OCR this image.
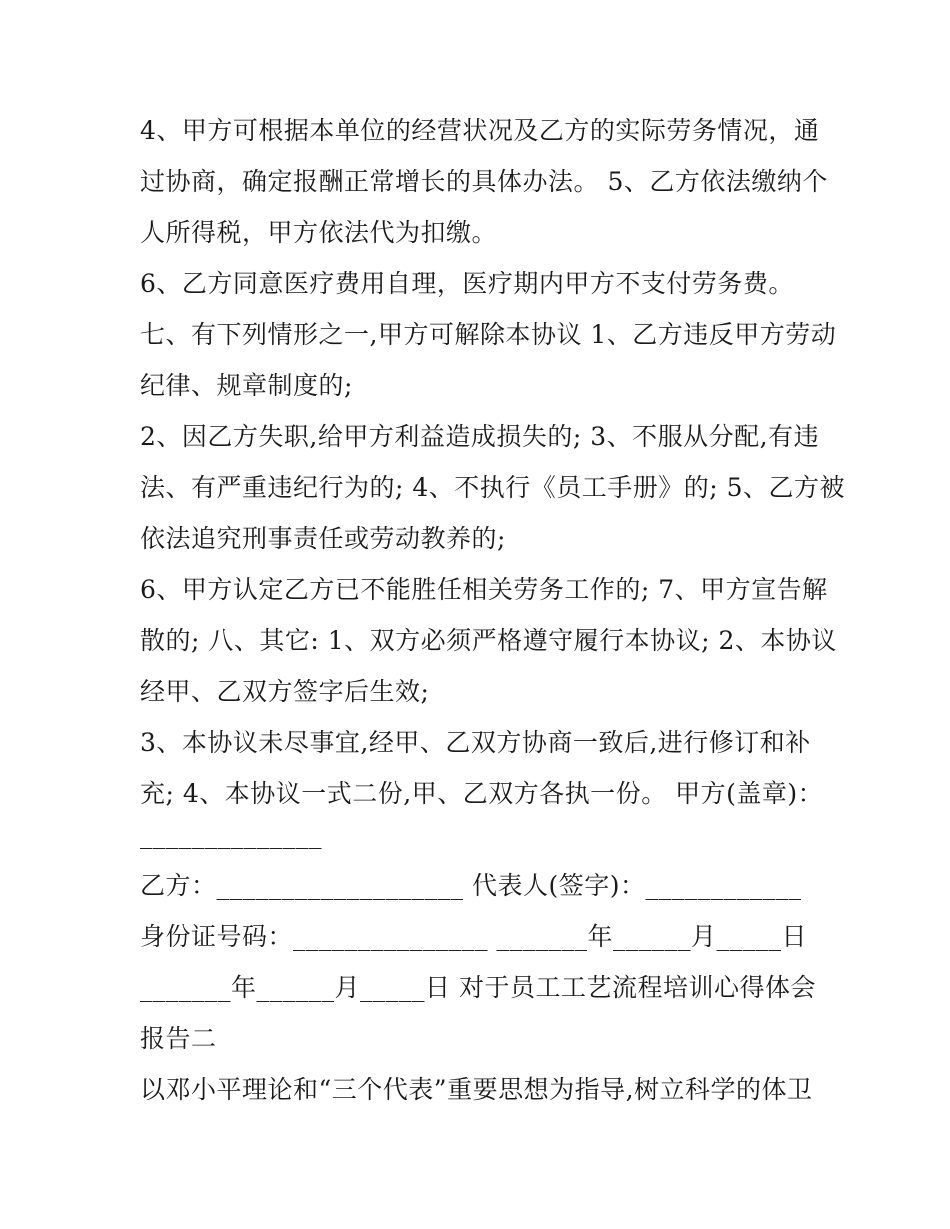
4、甲方可根据本单位的经营状况及乙方的实际劳务情况，通
过协商，确定报酬正常增长的具体办法。 5、乙方依法缴纳个
人所得税，甲方依法代为扣缴。
6、乙方同意医疗费用自理，医疗期内甲方不支付劳务费。
七、有下列情形之一,甲方可解除本协议 1、乙方违反甲方劳动
纪律、规章制度的;
2、因乙方失职,给甲方利益造成损失的; 3、不服从分配,有违
法、有严重违纪行为的; 4、不执行《员工手册》的; 5、乙方被
依法追究刑事责任或劳动教养的;
6、甲方认定乙方已不能胜任相关劳务工作的; 7、甲方宣告解
散的; 八、其它: 1、双方必须严格遵守履行本协议; 2、本协议
经甲、乙双方签字后生效;
3、本协议未尽事宜,经甲、乙双方协商一致后,进行修订和补
充; 4、本协议一式二份,甲、乙双方各执一份。 甲方(盖章)：
______________
乙方：___________________ 代表人(签字)：____________
身份证号码：_______________ _______年______月_____日
_______年______月_____日 对于员工工艺流程培训心得体会
报告二
以邓小平理论和“三个代表”重要思想为指导,树立科学的体卫
